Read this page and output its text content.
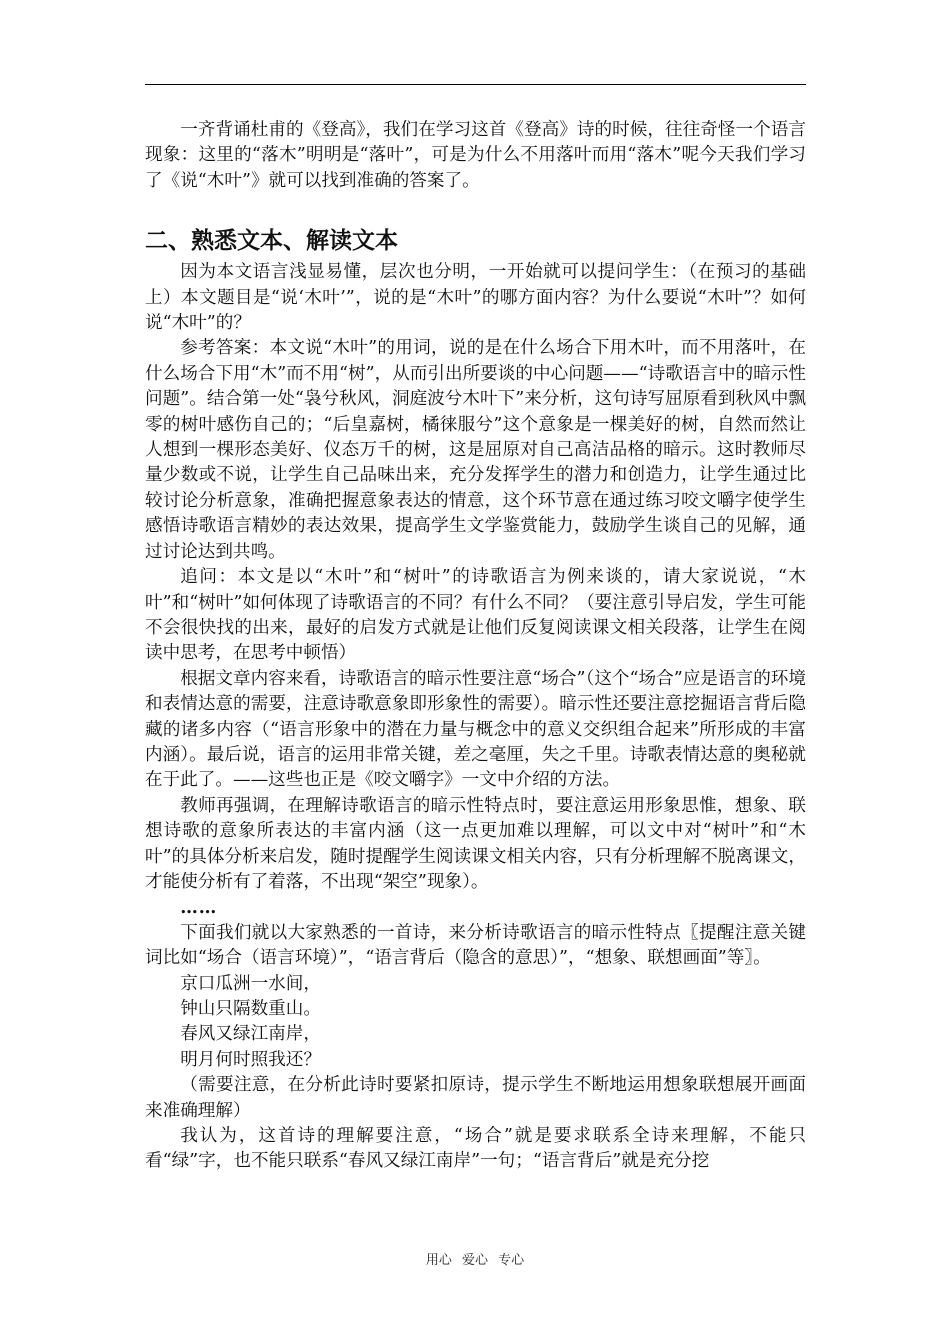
一齐背诵杜甫的《登高》，我们在学习这首《登高》诗的时候，往往奇怪一个语言现象：这里的“落木”明明是“落叶”，可是为什么不用落叶而用“落木”呢今天我们学习了《说“木叶”》就可以找到准确的答案了。

二、熟悉文本、解读文本

因为本文语言浅显易懂，层次也分明，一开始就可以提问学生：（在预习的基础上）本文题目是“说‘木叶’”，说的是“木叶”的哪方面内容？为什么要说“木叶”？如何说“木叶”的？

参考答案：本文说“木叶”的用词，说的是在什么场合下用木叶，而不用落叶，在什么场合下用“木”而不用“树”，从而引出所要谈的中心问题——“诗歌语言中的暗示性问题”。结合第一处“袅兮秋风，洞庭波兮木叶下”来分析，这句诗写屈原看到秋风中飘零的树叶感伤自己的；“后皇嘉树，橘徕服兮”这个意象是一棵美好的树，自然而然让人想到一棵形态美好、仪态万千的树，这是屈原对自己高洁品格的暗示。这时教师尽量少数或不说，让学生自己品味出来，充分发挥学生的潜力和创造力，让学生通过比较讨论分析意象，准确把握意象表达的情意，这个环节意在通过练习咬文嚼字使学生感悟诗歌语言精妙的表达效果，提高学生文学鉴赏能力，鼓励学生谈自己的见解，通过讨论达到共鸣。

追问：本文是以“木叶”和“树叶”的诗歌语言为例来谈的，请大家说说，“木叶”和“树叶”如何体现了诗歌语言的不同？有什么不同？（要注意引导启发，学生可能不会很快找的出来，最好的启发方式就是让他们反复阅读课文相关段落，让学生在阅读中思考，在思考中顿悟）

根据文章内容来看，诗歌语言的暗示性要注意“场合”（这个“场合”应是语言的环境和表情达意的需要，注意诗歌意象即形象性的需要）。暗示性还要注意挖掘语言背后隐藏的诸多内容（“语言形象中的潜在力量与概念中的意义交织组合起来”所形成的丰富内涵）。最后说，语言的运用非常关键，差之毫厘，失之千里。诗歌表情达意的奥秘就在于此了。——这些也正是《咬文嚼字》一文中介绍的方法。

教师再强调，在理解诗歌语言的暗示性特点时，要注意运用形象思惟，想象、联想诗歌的意象所表达的丰富内涵（这一点更加难以理解，可以文中对“树叶”和“木叶”的具体分析来启发，随时提醒学生阅读课文相关内容，只有分析理解不脱离课文，才能使分析有了着落，不出现“架空”现象）。

……

下面我们就以大家熟悉的一首诗，来分析诗歌语言的暗示性特点〖提醒注意关键词比如“场合（语言环境）”，“语言背后（隐含的意思）”，“想象、联想画面”等〗。

京口瓜洲一水间，

钟山只隔数重山。

春风又绿江南岸，

明月何时照我还？

（需要注意，在分析此诗时要紧扣原诗，提示学生不断地运用想象联想展开画面来准确理解）

我认为，这首诗的理解要注意，“场合”就是要求联系全诗来理解，不能只看“绿”字，也不能只联系“春风又绿江南岸”一句；“语言背后”就是充分挖

用心 爱心 专心
